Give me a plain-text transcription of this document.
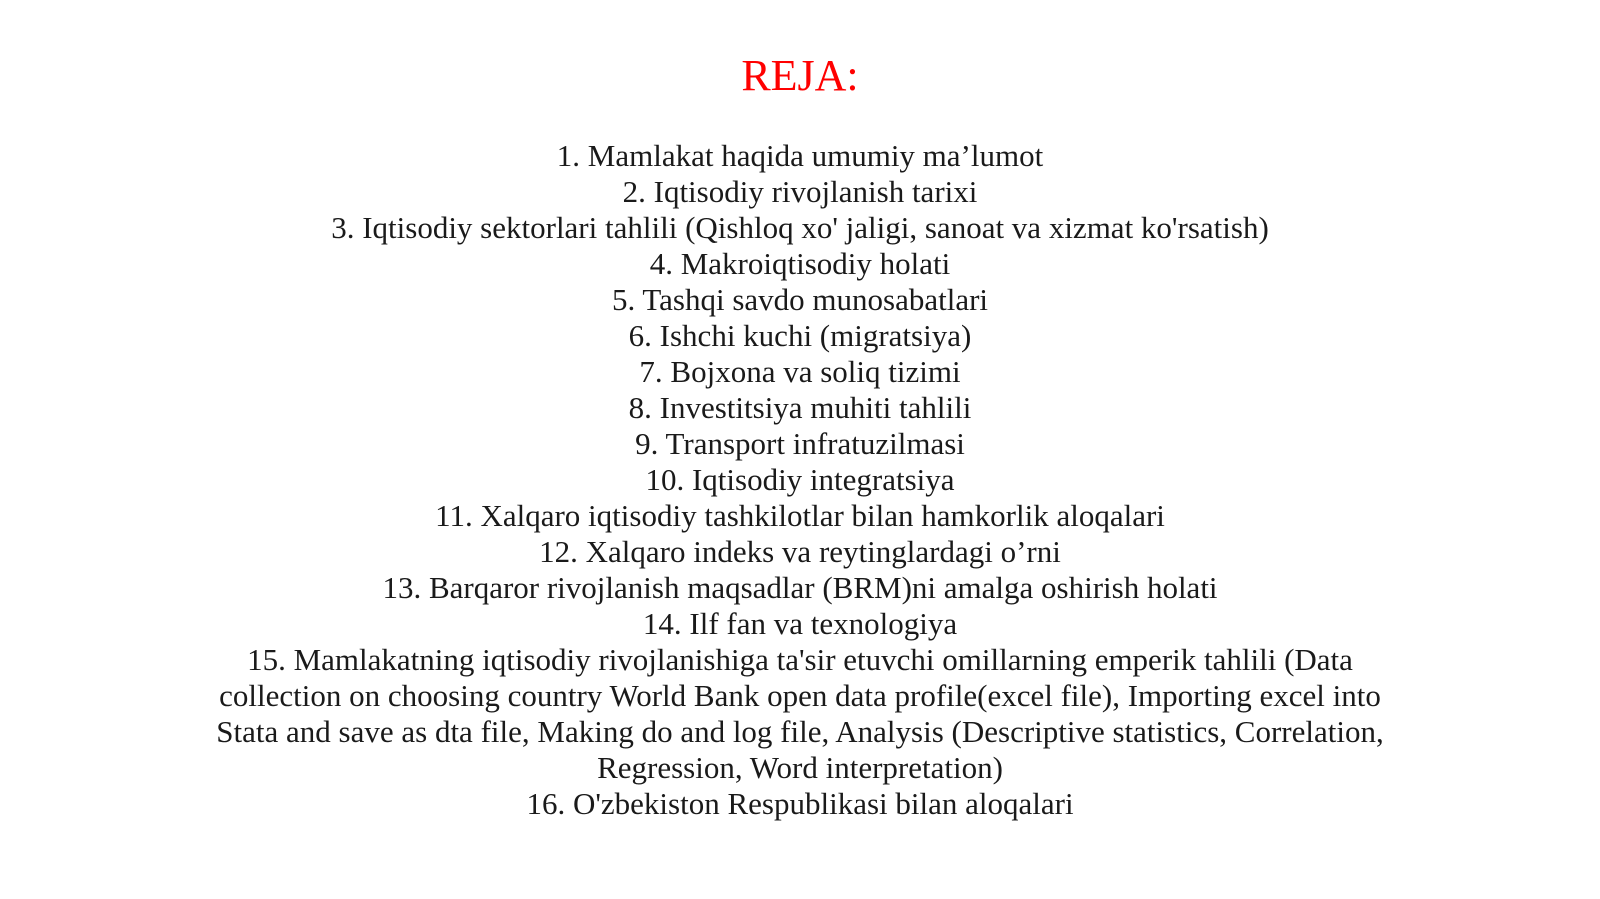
REJA:
1. Mamlakat haqida umumiy ma’lumot
2. Iqtisodiy rivojlanish tarixi
3. Iqtisodiy sektorlari tahlili (Qishloq xo' jaligi, sanoat va xizmat ko'rsatish)
4. Makroiqtisodiy holati
5. Tashqi savdo munosabatlari
6. Ishchi kuchi (migratsiya)
7. Bojxona va soliq tizimi
8. Investitsiya muhiti tahlili
9. Transport infratuzilmasi
10. Iqtisodiy integratsiya
11. Xalqaro iqtisodiy tashkilotlar bilan hamkorlik aloqalari
12. Xalqaro indeks va reytinglardagi o’rni
13. Barqaror rivojlanish maqsadlar (BRM)ni amalga oshirish holati
14. Ilf fan va texnologiya
15. Mamlakatning iqtisodiy rivojlanishiga ta'sir etuvchi omillarning emperik tahlili (Data collection on choosing country World Bank open data profile(excel file), Importing excel into Stata and save as dta file, Making do and log file, Analysis (Descriptive statistics, Correlation, Regression, Word interpretation)
16. O'zbekiston Respublikasi bilan aloqalari
